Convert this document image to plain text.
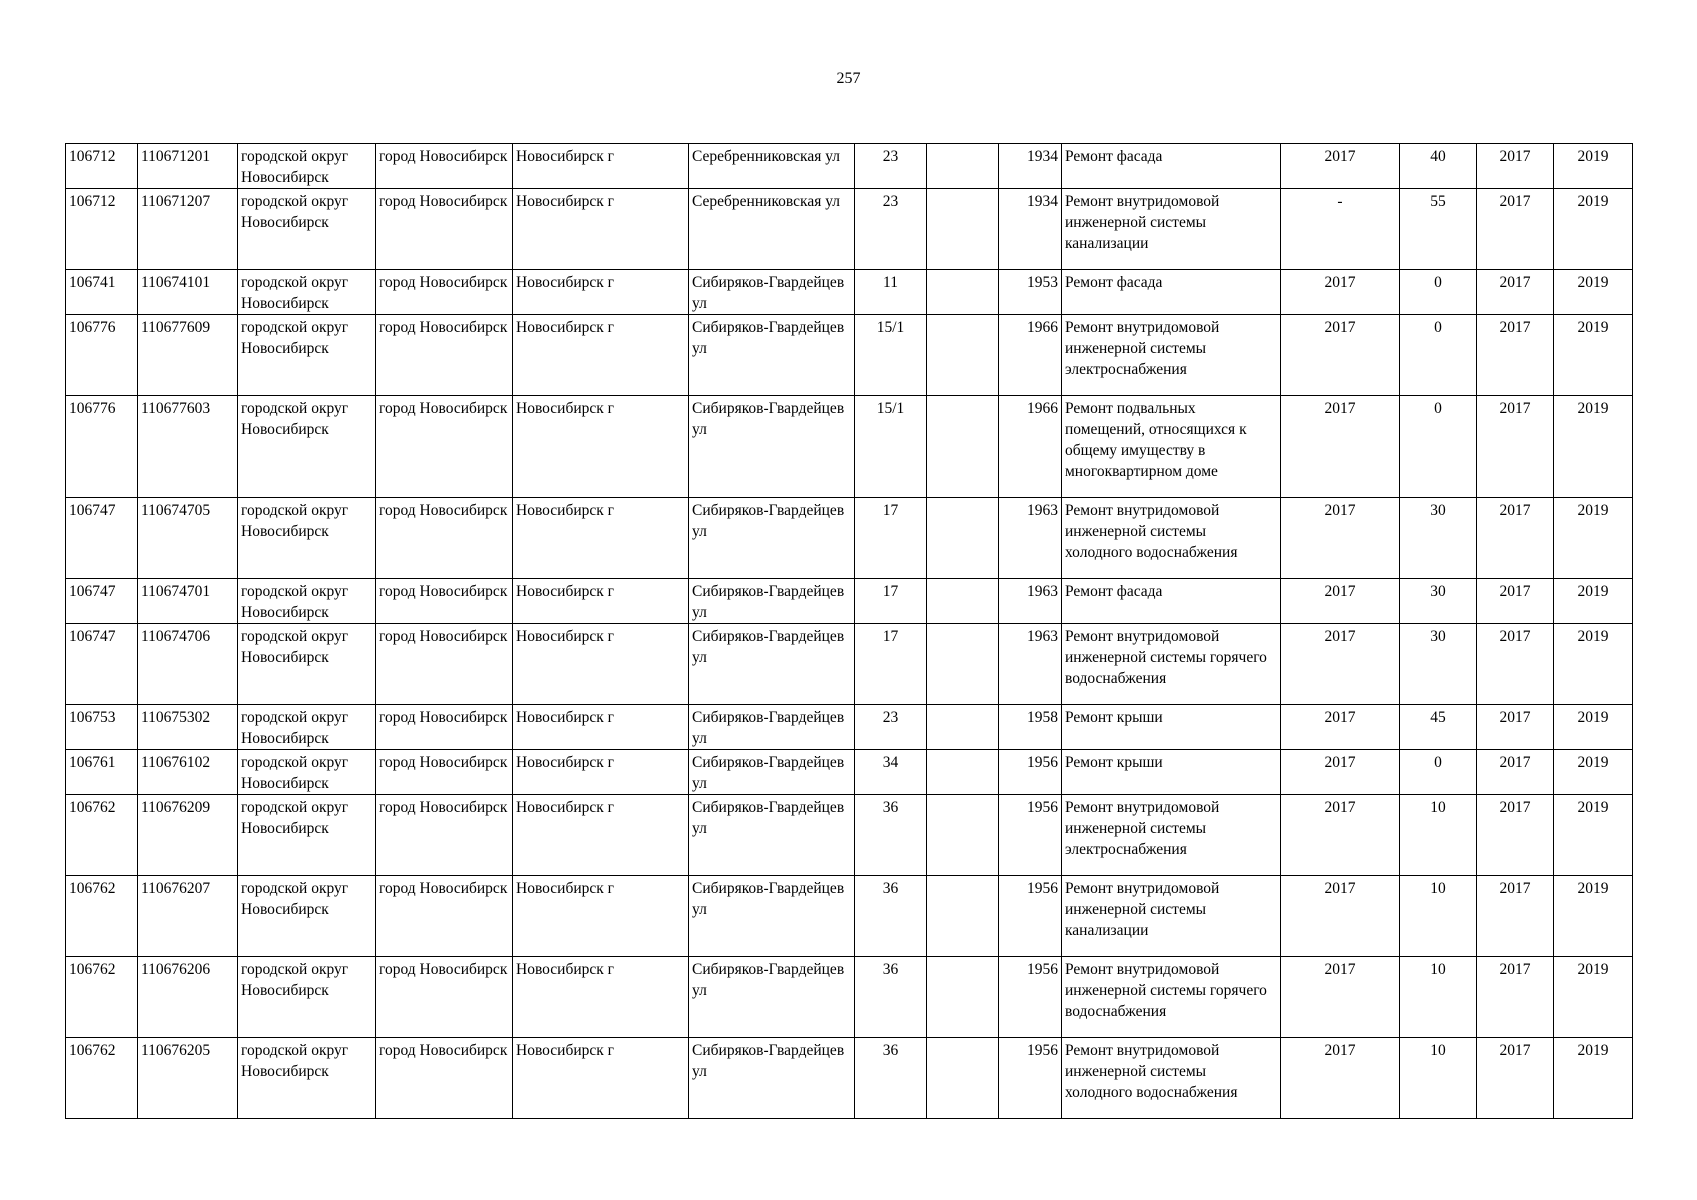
257
106712	110671201	городской округ Новосибирск	город Новосибирск	Новосибирск г	Серебренниковская ул	23		1934	Ремонт фасада	2017	40	2017	2019
106712	110671207	городской округ Новосибирск	город Новосибирск	Новосибирск г	Серебренниковская ул	23		1934	Ремонт внутридомовой инженерной системы канализации	-	55	2017	2019
106741	110674101	городской округ Новосибирск	город Новосибирск	Новосибирск г	Сибиряков-Гвардейцев ул	11		1953	Ремонт фасада	2017	0	2017	2019
106776	110677609	городской округ Новосибирск	город Новосибирск	Новосибирск г	Сибиряков-Гвардейцев ул	15/1		1966	Ремонт внутридомовой инженерной системы электроснабжения	2017	0	2017	2019
106776	110677603	городской округ Новосибирск	город Новосибирск	Новосибирск г	Сибиряков-Гвардейцев ул	15/1		1966	Ремонт подвальных помещений, относящихся к общему имуществу в многоквартирном доме	2017	0	2017	2019
106747	110674705	городской округ Новосибирск	город Новосибирск	Новосибирск г	Сибиряков-Гвардейцев ул	17		1963	Ремонт внутридомовой инженерной системы холодного водоснабжения	2017	30	2017	2019
106747	110674701	городской округ Новосибирск	город Новосибирск	Новосибирск г	Сибиряков-Гвардейцев ул	17		1963	Ремонт фасада	2017	30	2017	2019
106747	110674706	городской округ Новосибирск	город Новосибирск	Новосибирск г	Сибиряков-Гвардейцев ул	17		1963	Ремонт внутридомовой инженерной системы горячего водоснабжения	2017	30	2017	2019
106753	110675302	городской округ Новосибирск	город Новосибирск	Новосибирск г	Сибиряков-Гвардейцев ул	23		1958	Ремонт крыши	2017	45	2017	2019
106761	110676102	городской округ Новосибирск	город Новосибирск	Новосибирск г	Сибиряков-Гвардейцев ул	34		1956	Ремонт крыши	2017	0	2017	2019
106762	110676209	городской округ Новосибирск	город Новосибирск	Новосибирск г	Сибиряков-Гвардейцев ул	36		1956	Ремонт внутридомовой инженерной системы электроснабжения	2017	10	2017	2019
106762	110676207	городской округ Новосибирск	город Новосибирск	Новосибирск г	Сибиряков-Гвардейцев ул	36		1956	Ремонт внутридомовой инженерной системы канализации	2017	10	2017	2019
106762	110676206	городской округ Новосибирск	город Новосибирск	Новосибирск г	Сибиряков-Гвардейцев ул	36		1956	Ремонт внутридомовой инженерной системы горячего водоснабжения	2017	10	2017	2019
106762	110676205	городской округ Новосибирск	город Новосибирск	Новосибирск г	Сибиряков-Гвардейцев ул	36		1956	Ремонт внутридомовой инженерной системы холодного водоснабжения	2017	10	2017	2019
